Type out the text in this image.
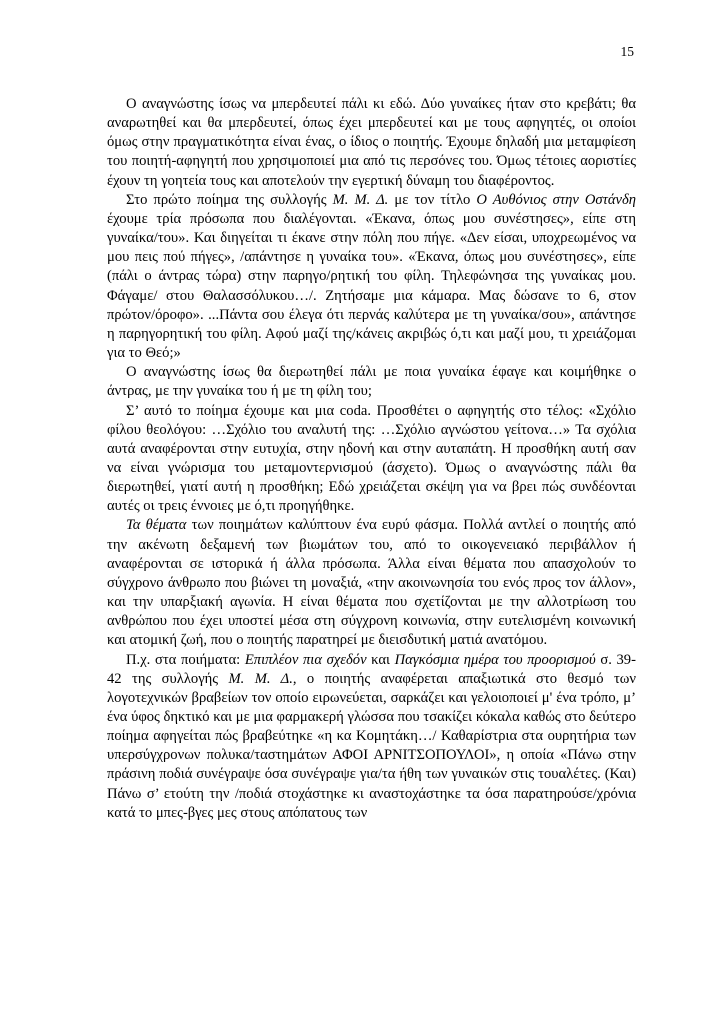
15

Ο αναγνώστης ίσως να μπερδευτεί πάλι κι εδώ. Δύο γυναίκες ήταν στο κρεβάτι; θα αναρωτηθεί και θα μπερδευτεί, όπως έχει μπερδευτεί και με τους αφηγητές, οι οποίοι όμως στην πραγματικότητα είναι ένας, ο ίδιος ο ποιητής. Έχουμε δηλαδή μια μεταμφίεση του ποιητή-αφηγητή που χρησιμοποιεί μια από τις περσόνες του. Όμως τέτοιες αοριστίες έχουν τη γοητεία τους και αποτελούν την εγερτική δύναμη του διαφέροντος.

Στο πρώτο ποίημα της συλλογής Μ. Μ. Δ. με τον τίτλο Ο Αυθόνιος στην Οστάνδη έχουμε τρία πρόσωπα που διαλέγονται. «Έκανα, όπως μου συνέστησες», είπε στη γυναίκα/του». Και διηγείται τι έκανε στην πόλη που πήγε. «Δεν είσαι, υποχρεωμένος να μου πεις πού πήγες», /απάντησε η γυναίκα του». «Έκανα, όπως μου συνέστησες», είπε (πάλι ο άντρας τώρα) στην παρηγο/ρητική του φίλη. Τηλεφώνησα της γυναίκας μου. Φάγαμε/ στου Θαλασσόλυκου…/. Ζητήσαμε μια κάμαρα. Μας δώσανε το 6, στον πρώτον/όροφο». ...Πάντα σου έλεγα ότι περνάς καλύτερα με τη γυναίκα/σου», απάντησε η παρηγορητική του φίλη. Αφού μαζί της/κάνεις ακριβώς ό,τι και μαζί μου, τι χρειάζομαι για το Θεό;»

Ο αναγνώστης ίσως θα διερωτηθεί πάλι με ποια γυναίκα έφαγε και κοιμήθηκε ο άντρας, με την γυναίκα του ή με τη φίλη του;

Σ’ αυτό το ποίημα έχουμε και μια coda. Προσθέτει ο αφηγητής στο τέλος: «Σχόλιο φίλου θεολόγου: …Σχόλιο του αναλυτή της: …Σχόλιο αγνώστου γείτονα…» Τα σχόλια αυτά αναφέρονται στην ευτυχία, στην ηδονή και στην αυταπάτη. Η προσθήκη αυτή σαν να είναι γνώρισμα του μεταμοντερνισμού (άσχετο). Όμως ο αναγνώστης πάλι θα διερωτηθεί, γιατί αυτή η προσθήκη; Εδώ χρειάζεται σκέψη για να βρει πώς συνδέονται αυτές οι τρεις έννοιες με ό,τι προηγήθηκε.

Τα θέματα των ποιημάτων καλύπτουν ένα ευρύ φάσμα. Πολλά αντλεί ο ποιητής από την ακένωτη δεξαμενή των βιωμάτων του, από το οικογενειακό περιβάλλον ή αναφέρονται σε ιστορικά ή άλλα πρόσωπα. Άλλα είναι θέματα που απασχολούν το σύγχρονο άνθρωπο που βιώνει τη μοναξιά, «την ακοινωνησία του ενός προς τον άλλον», και την υπαρξιακή αγωνία. Η είναι θέματα που σχετίζονται με την αλλοτρίωση του ανθρώπου που έχει υποστεί μέσα στη σύγχρονη κοινωνία, στην ευτελισμένη κοινωνική και ατομική ζωή, που ο ποιητής παρατηρεί με διεισδυτική ματιά ανατόμου.

Π.χ. στα ποιήματα: Επιπλέον πια σχεδόν και Παγκόσμια ημέρα του προορισμού σ. 39-42 της συλλογής Μ. Μ. Δ., ο ποιητής αναφέρεται απαξιωτικά στο θεσμό των λογοτεχνικών βραβείων τον οποίο ειρωνεύεται, σαρκάζει και γελοιοποιεί μ' ένα τρόπο, μ’ ένα ύφος δηκτικό και με μια φαρμακερή γλώσσα που τσακίζει κόκαλα καθώς στο δεύτερο ποίημα αφηγείται πώς βραβεύτηκε «η κα Κομητάκη…/ Καθαρίστρια στα ουρητήρια των υπερσύγχρονων πολυκα/ταστημάτων ΑΦΟΙ ΑΡΝΙΤΣΟΠΟΥΛΟΙ», η οποία «Πάνω στην πράσινη ποδιά συνέγραψε όσα συνέγραψε για/τα ήθη των γυναικών στις τουαλέτες. (Και) Πάνω σ’ ετούτη την /ποδιά στοχάστηκε κι αναστοχάστηκε τα όσα παρατηρούσε/χρόνια κατά το μπες-βγες μες στους απόπατους των
